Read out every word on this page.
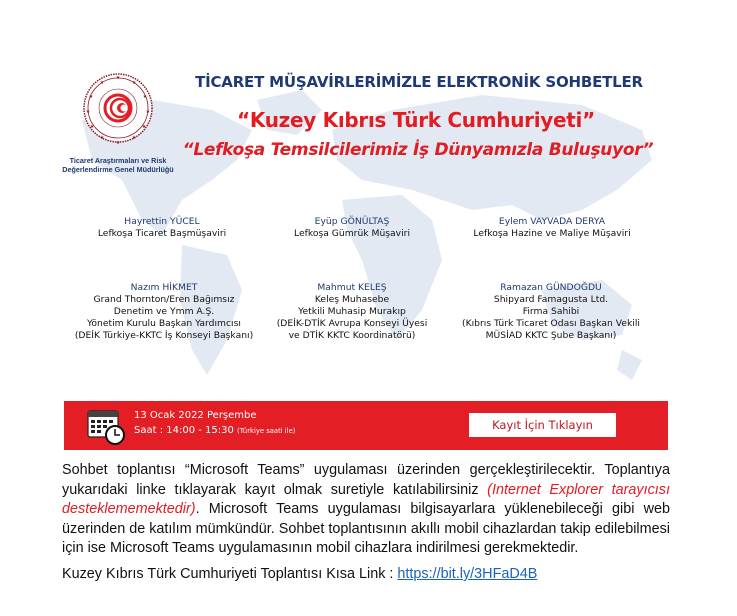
★
★	★
★	★
★	★
★	★
★	★
★
Ticaret Araştırmaları ve Risk
Değerlendirme Genel Müdürlüğü
TİCARET MÜŞAVİRLERİMİZLE ELEKTRONİK SOHBETLER
“Kuzey Kıbrıs Türk Cumhuriyeti”
“Lefkoşa Temsilcilerimiz İş Dünyamızla Buluşuyor”
Hayrettin YÜCEL
Lefkoşa Ticaret Başmüşaviri
Eyüp GÖNÜLTAŞ
Lefkoşa Gümrük Müşaviri
Eylem VAYVADA DERYA
Lefkoşa Hazine ve Maliye Müşaviri
Nazım HİKMET
Grand Thornton/Eren Bağımsız
Denetim ve Ymm A.Ş.
Yönetim Kurulu Başkan Yardımcısı
(DEİK Türkiye-KKTC İş Konseyi Başkanı)
Mahmut KELEŞ
Keleş Muhasebe
Yetkili Muhasip Murakıp
(DEİK-DTİK Avrupa Konseyi Üyesi
ve DTİK KKTC Koordinatörü)
Ramazan GÜNDOĞDU
Shipyard Famagusta Ltd.
Firma Sahibi
(Kıbrıs Türk Ticaret Odası Başkan Vekili
MÜSİAD KKTC Şube Başkanı)
13 Ocak 2022 Perşembe
Saat : 14:00 - 15:30 (Türkiye saati ile)	Kayıt İçin Tıklayın
Sohbet toplantısı “Microsoft Teams” uygulaması üzerinden gerçekleştirilecektir. Toplantıya yukarıdaki linke tıklayarak kayıt olmak suretiyle katılabilirsiniz (Internet Explorer tarayıcısı desteklememektedir). Microsoft Teams uygulaması bilgisayarlara yüklenebileceği gibi web üzerinden de katılım mümkündür. Sohbet toplantısının akıllı mobil cihazlardan takip edilebilmesi için ise Microsoft Teams uygulamasının mobil cihazlara indirilmesi gerekmektedir.
Kuzey Kıbrıs Türk Cumhuriyeti Toplantısı Kısa Link : https://bit.ly/3HFaD4B
